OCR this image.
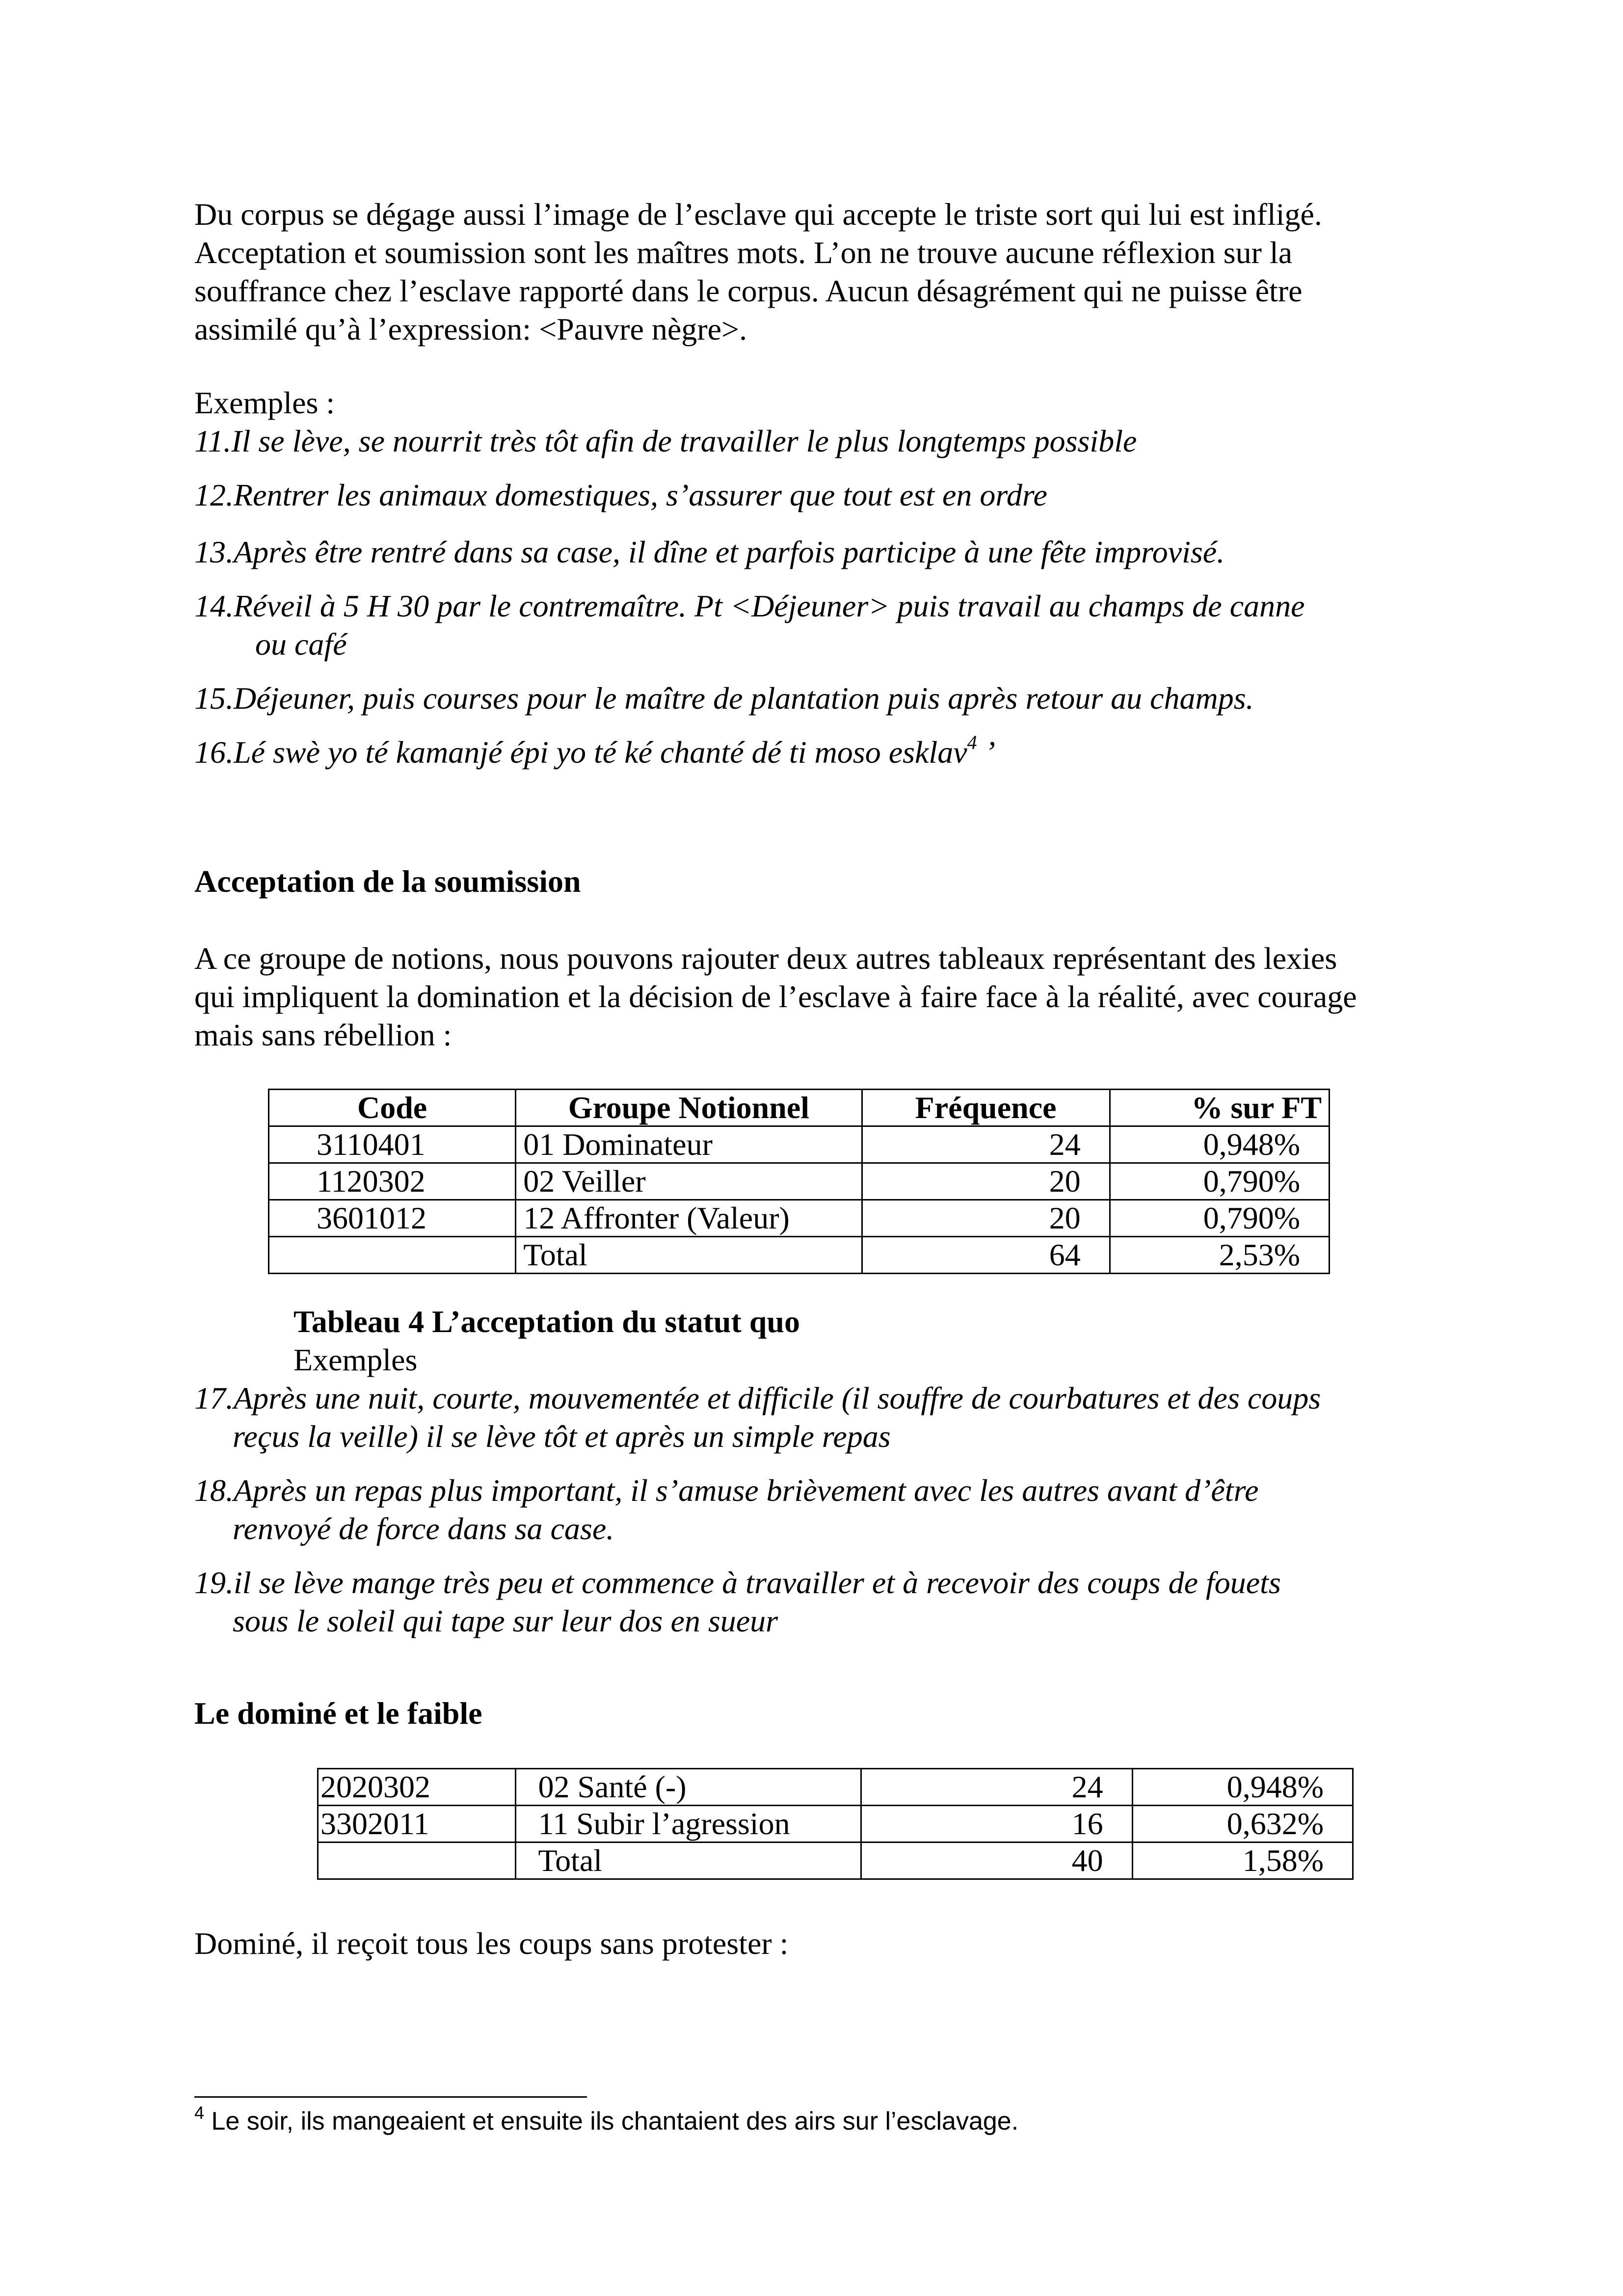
Du corpus se dégage aussi l’image de l’esclave qui accepte le triste sort qui lui est infligé.
Acceptation et soumission sont les maîtres mots. L’on ne trouve aucune réflexion sur la
souffrance chez l’esclave rapporté dans le corpus. Aucun désagrément qui ne puisse être
assimilé qu’à l’expression: <Pauvre nègre>.
Exemples :
11.Il se lève, se nourrit très tôt afin de travailler le plus longtemps possible
12.Rentrer les animaux domestiques, s’assurer que tout est en ordre
13.Après être rentré dans sa case, il dîne et parfois participe à une fête improvisé.
14.Réveil à 5 H 30 par le contremaître. Pt <Déjeuner> puis travail au champs de canne
ou café
15.Déjeuner, puis courses pour le maître de plantation puis après retour au champs.
16.Lé swè yo té kamanjé épi yo té ké chanté dé ti moso esklav$^4$ ’
Acceptation de la soumission
A ce groupe de notions, nous pouvons rajouter deux autres tableaux représentant des lexies
qui impliquent la domination et la décision de l’esclave à faire face à la réalité, avec courage
mais sans rébellion :
Code	Groupe Notionnel	Fréquence	% sur FT
3110401	01 Dominateur	24	0,948%
1120302	02 Veiller	20	0,790%
3601012	12 Affronter (Valeur)	20	0,790%
	Total	64	2,53%
Tableau 4 L’acceptation du statut quo
Exemples
17.Après une nuit, courte, mouvementée et difficile (il souffre de courbatures et des coups
reçus la veille) il se lève tôt et après un simple repas
18.Après un repas plus important, il s’amuse brièvement avec les autres avant d’être
renvoyé de force dans sa case.
19.il se lève mange très peu et commence à travailler et à recevoir des coups de fouets
sous le soleil qui tape sur leur dos en sueur
Le dominé et le faible
2020302	02 Santé (-)	24	0,948%
3302011	11 Subir l’agression	16	0,632%
	Total	40	1,58%
Dominé, il reçoit tous les coups sans protester :
$^4$ Le soir, ils mangeaient et ensuite ils chantaient des airs sur l’esclavage.
